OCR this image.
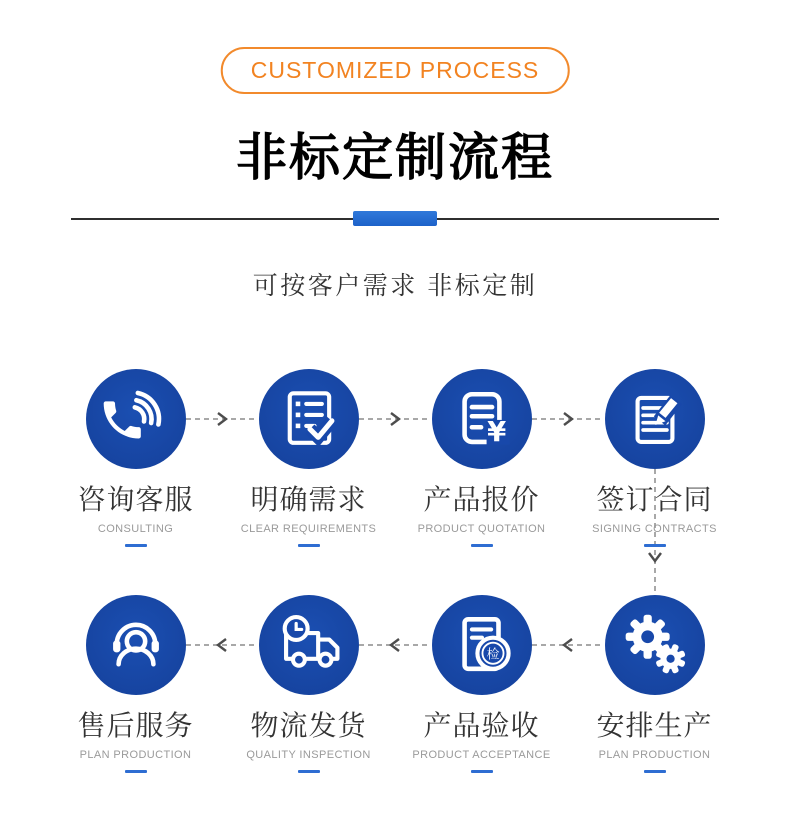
CUSTOMIZED PROCESS
非标定制流程

可按客户需求 非标定制

咨询客服
CONSULTING
明确需求
CLEAR REQUIREMENTS
¥
产品报价
PRODUCT QUOTATION
签订合同
SIGNING CONTRACTS
售后服务
PLAN PRODUCTION
物流发货
QUALITY INSPECTION
检
产品验收
PRODUCT ACCEPTANCE
安排生产
PLAN PRODUCTION
